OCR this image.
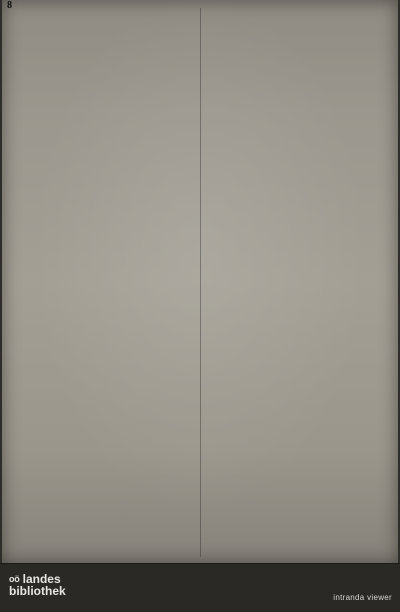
8
oö landes
bibliothek	intranda viewer
